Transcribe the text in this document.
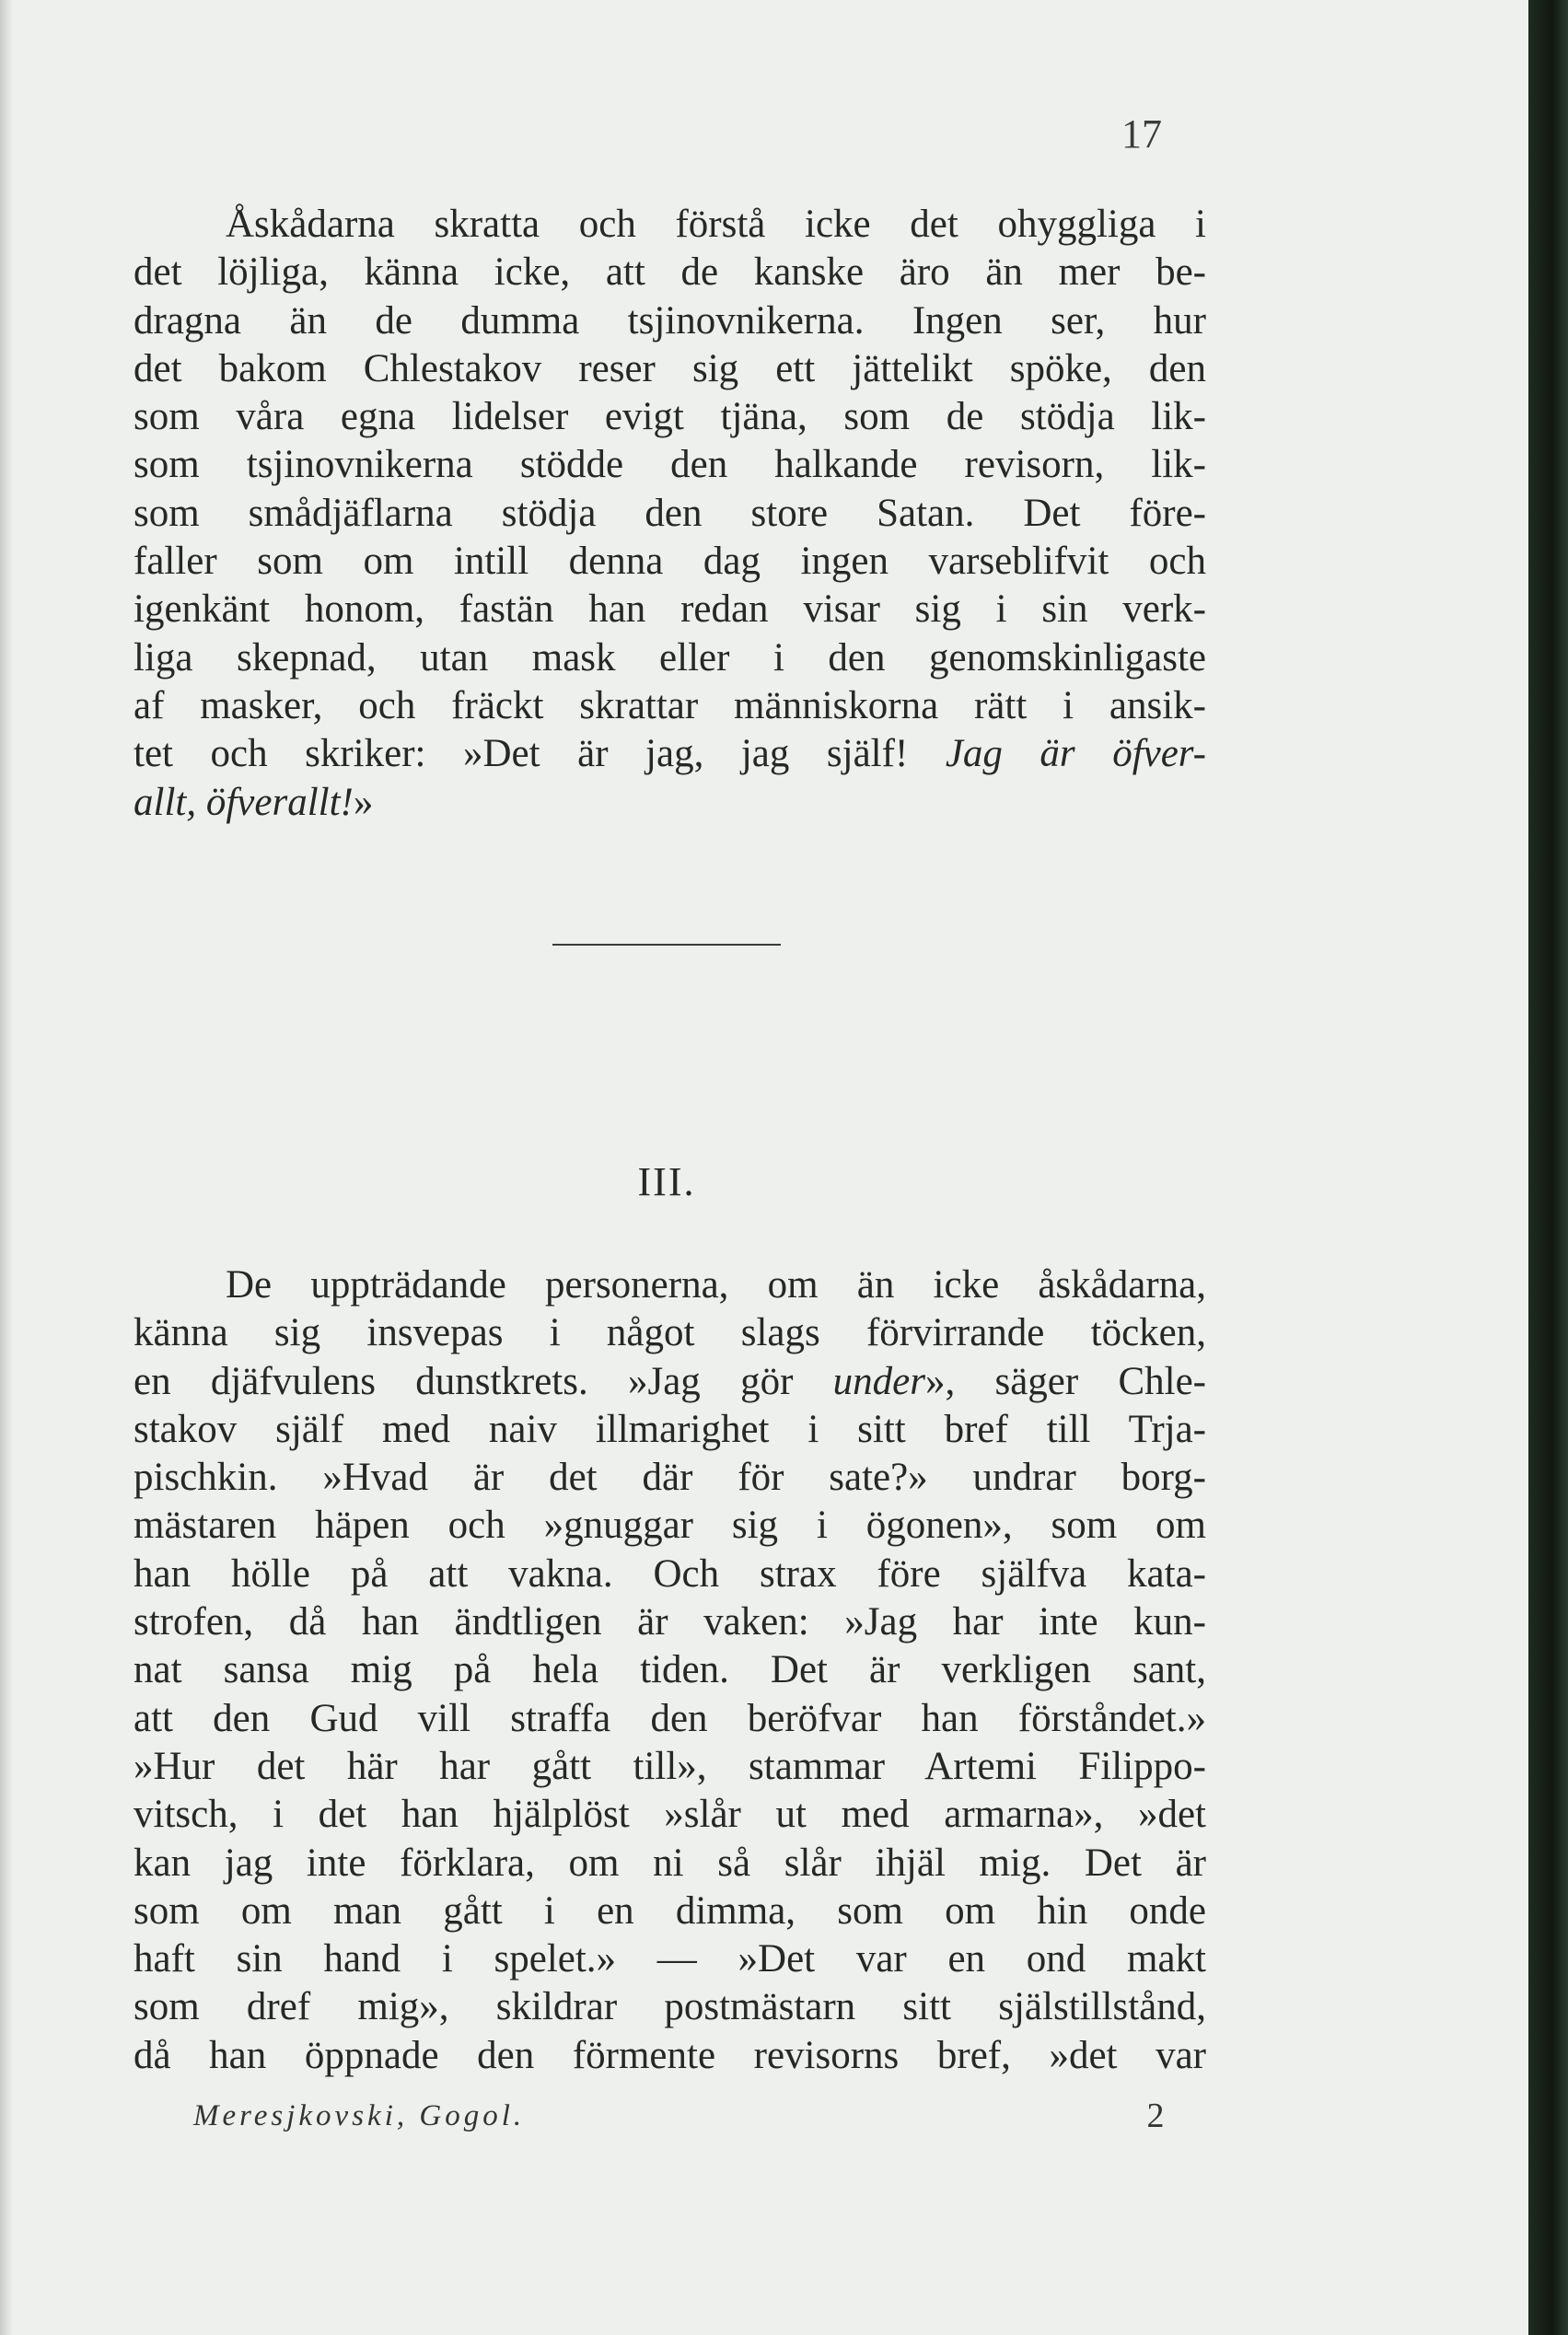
17
Åskådarna skratta och förstå icke det ohyggliga i
det löjliga, känna icke, att de kanske äro än mer be-
dragna än de dumma tsjinovnikerna. Ingen ser, hur
det bakom Chlestakov reser sig ett jättelikt spöke, den
som våra egna lidelser evigt tjäna, som de stödja lik-
som tsjinovnikerna stödde den halkande revisorn, lik-
som smådjäflarna stödja den store Satan. Det före-
faller som om intill denna dag ingen varseblifvit och
igenkänt honom, fastän han redan visar sig i sin verk-
liga skepnad, utan mask eller i den genomskinligaste
af masker, och fräckt skrattar människorna rätt i ansik-
tet och skriker: »Det är jag, jag själf! Jag är öfver-
allt, öfverallt!»
III.
De uppträdande personerna, om än icke åskådarna,
känna sig insvepas i något slags förvirrande töcken,
en djäfvulens dunstkrets. »Jag gör under», säger Chle-
stakov själf med naiv illmarighet i sitt bref till Trja-
pischkin. »Hvad är det där för sate?» undrar borg-
mästaren häpen och »gnuggar sig i ögonen», som om
han hölle på att vakna. Och strax före själfva kata-
strofen, då han ändtligen är vaken: »Jag har inte kun-
nat sansa mig på hela tiden. Det är verkligen sant,
att den Gud vill straffa den beröfvar han förståndet.»
»Hur det här har gått till», stammar Artemi Filippo-
vitsch, i det han hjälplöst »slår ut med armarna», »det
kan jag inte förklara, om ni så slår ihjäl mig. Det är
som om man gått i en dimma, som om hin onde
haft sin hand i spelet.» — »Det var en ond makt
som dref mig», skildrar postmästarn sitt själstillstånd,
då han öppnade den förmente revisorns bref, »det var
Meresjkovski, Gogol.	2
